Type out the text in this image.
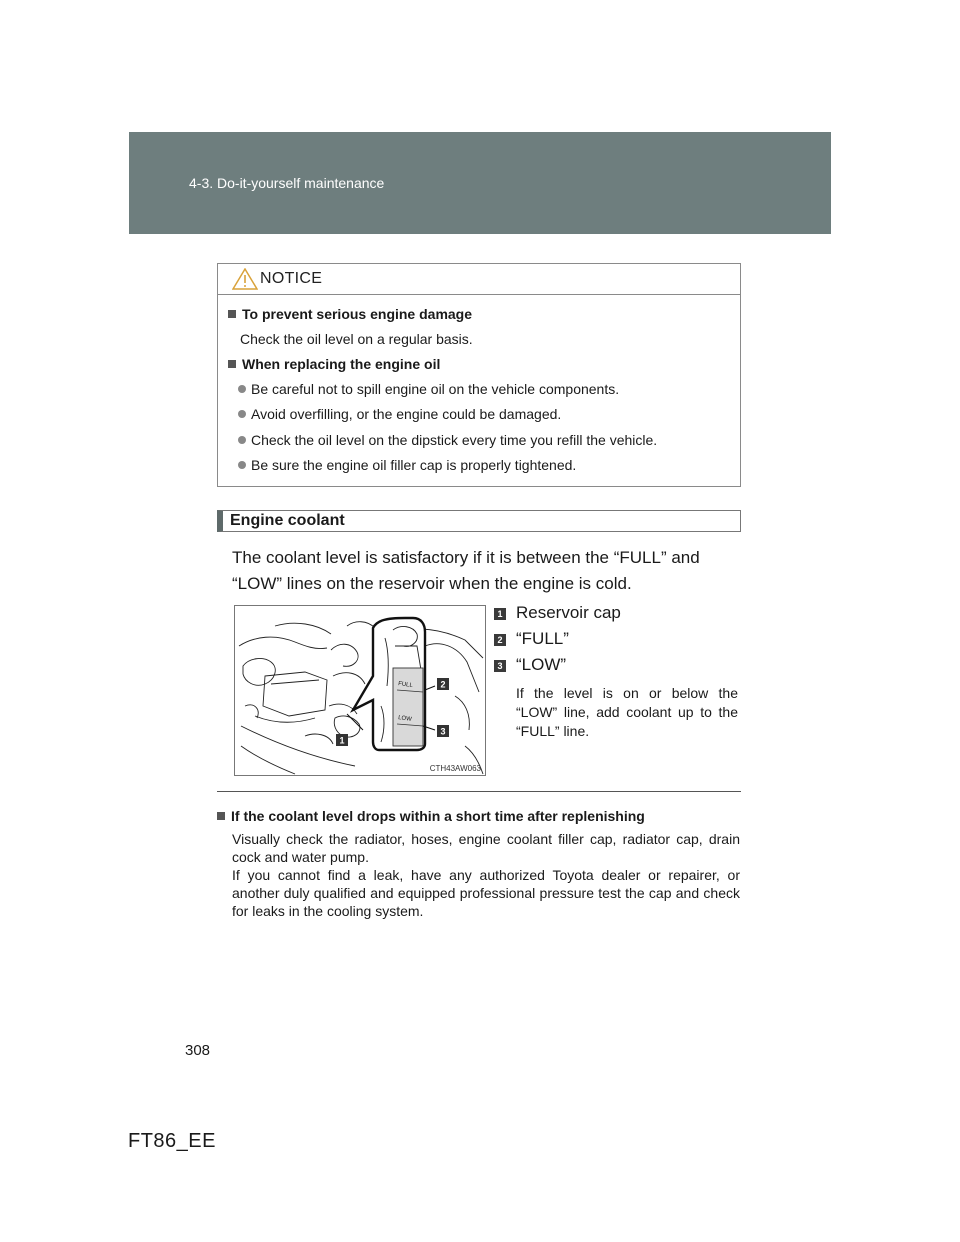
4-3. Do-it-yourself maintenance
NOTICE
To prevent serious engine damage
Check the oil level on a regular basis.
When replacing the engine oil
Be careful not to spill engine oil on the vehicle components.
Avoid overfilling, or the engine could be damaged.
Check the oil level on the dipstick every time you refill the vehicle.
Be sure the engine oil filler cap is properly tightened.
Engine coolant
The coolant level is satisfactory if it is between the “FULL” and “LOW” lines on the reservoir when the engine is cold.
FULL
LOW
1
2
3
CTH43AW063
1 Reservoir cap
2 “FULL”
3 “LOW”
If the level is on or below the “LOW” line, add coolant up to the “FULL” line.
If the coolant level drops within a short time after replenishing

Visually check the radiator, hoses, engine coolant filler cap, radiator cap, drain cock and water pump.

If you cannot find a leak, have any authorized Toyota dealer or repairer, or another duly qualified and equipped professional pressure test the cap and check for leaks in the cooling system.

308
FT86_EE
